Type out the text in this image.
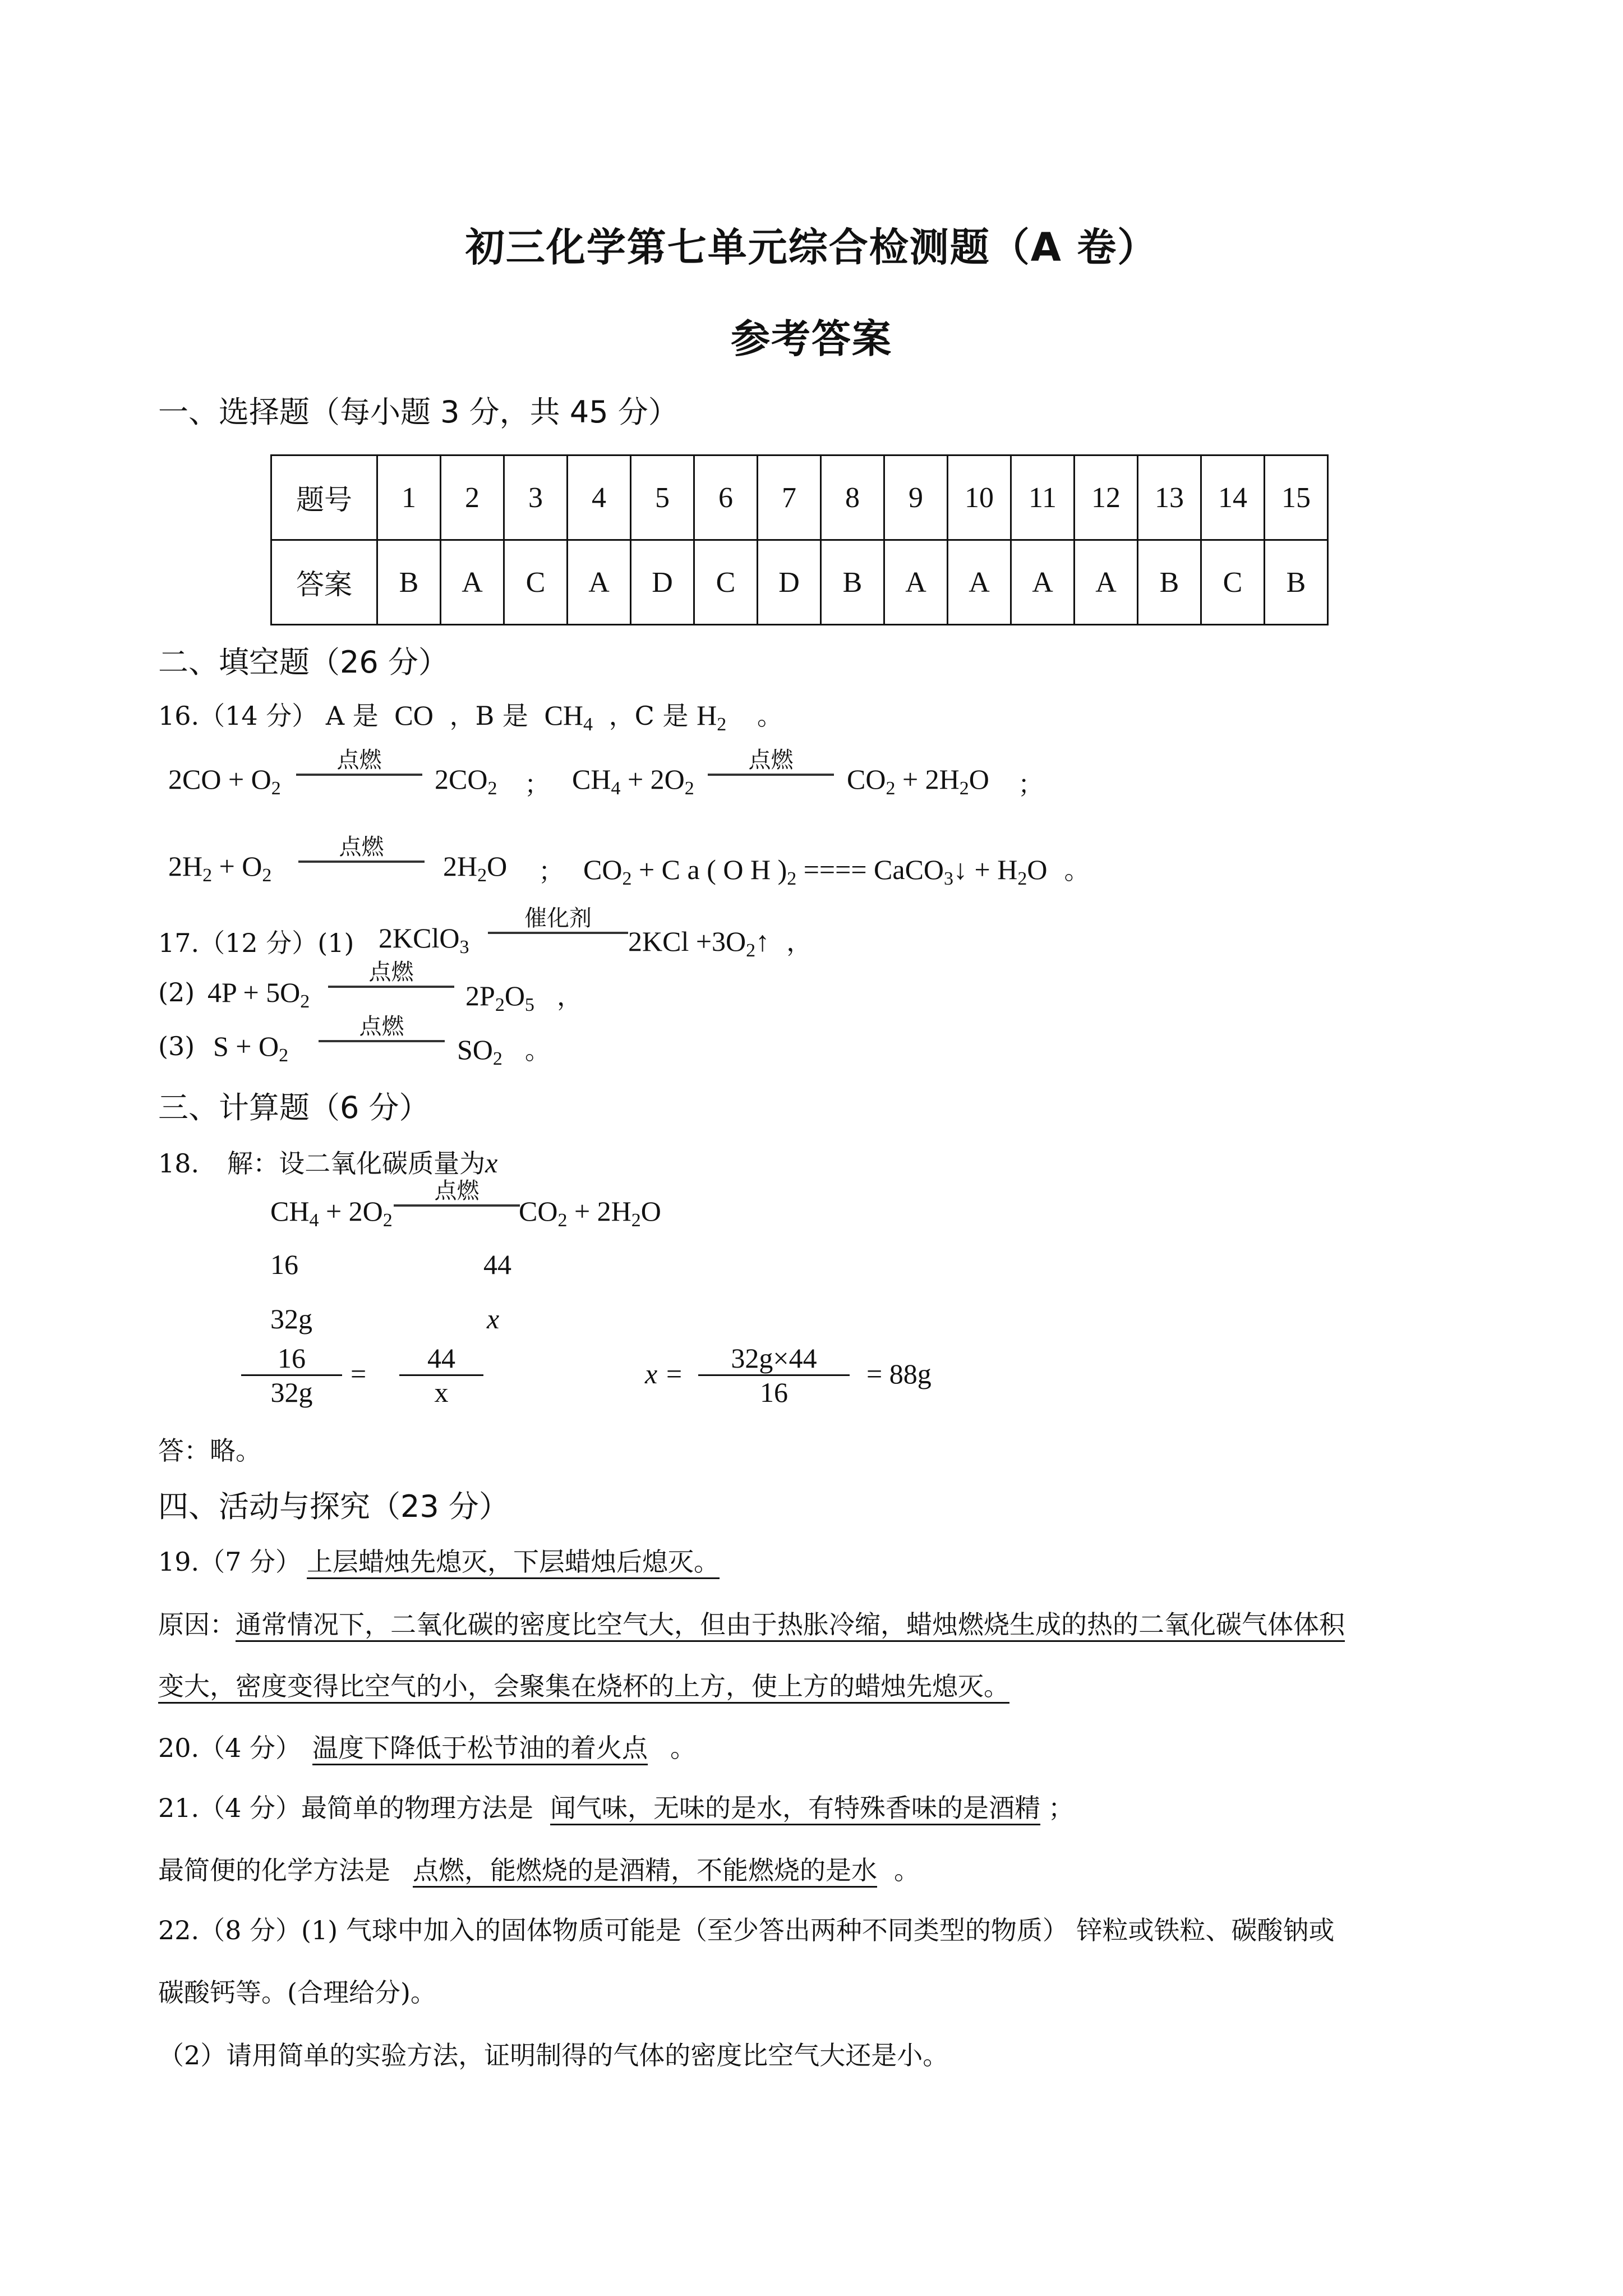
初三化学第七单元综合检测题（A 卷）
参考答案
一、选择题（每小题 3 分，共 45 分）
题号	1	2	3	4	5	6	7	8	9	10	11	12	13	14	15
答案	B	A	C	A	D	C	D	B	A	A	A	A	B	C	B
二、填空题（26 分）
16.（14 分） A 是 CO ，B 是 $CH_4$ ，C 是 $H_2$ 。
$2CO + O_2$
点燃
$2CO_2$ ； $CH_4 + 2O_2$
点燃
$CO_2 + 2H_2O$ ；
$2H_2 + O_2$
点燃
$2H_2O$ ； $CO_2 + C$ a ( O H )$_2$ ==== CaCO$_3$↓ + $H_2O$ 。
17.（12 分）(1) 2KClO$_3$
催化剂
$2KCl +3O_2↑$ ，
(2) $4P + 5O_2$
点燃
$2P_2O_5$ ，
(3) $S + O_2$
点燃
$SO_2$ 。
三、计算题（6 分）
18. 解：设二氧化碳质量为x
$CH_4 + 2O_2$
点燃
$CO_2 + 2H_2O$
16	44
32g	x
16
32g
=	44
x
x =	32g×44
16
= 88g
答：略。
四、活动与探究（23 分）
19.（7 分） 上层蜡烛先熄灭，下层蜡烛后熄灭。
原因：通常情况下，二氧化碳的密度比空气大，但由于热胀冷缩，蜡烛燃烧生成的热的二氧化碳气体体积
变大，密度变得比空气的小，会聚集在烧杯的上方，使上方的蜡烛先熄灭。
20.（4 分） 温度下降低于松节油的着火点 。
21.（4 分）最简单的物理方法是 闻气味，无味的是水，有特殊香味的是酒精 ；
最简便的化学方法是 点燃，能燃烧的是酒精，不能燃烧的是水 。
22.（8 分）(1) 气球中加入的固体物质可能是（至少答出两种不同类型的物质） 锌粒或铁粒、碳酸钠或
碳酸钙等。(合理给分)。
（2）请用简单的实验方法，证明制得的气体的密度比空气大还是小。
